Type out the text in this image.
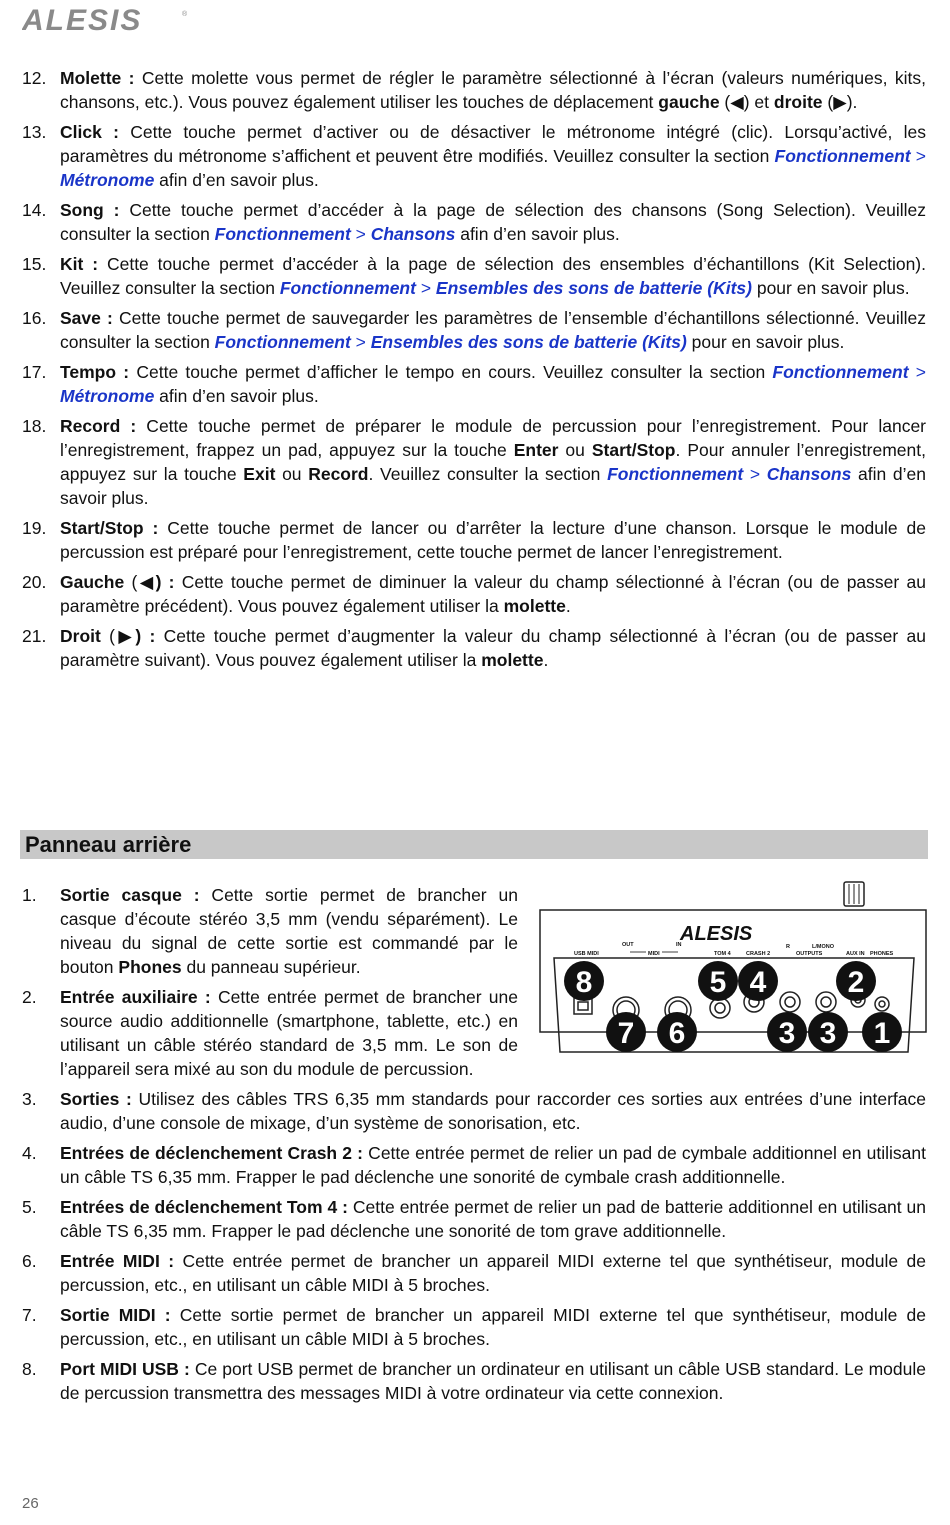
ALESIS	®
12. Molette : Cette molette vous permet de régler le paramètre sélectionné à l’écran (valeurs numériques, kits, chansons, etc.). Vous pouvez également utiliser les touches de déplacement gauche (◀) et droite (▶).
13. Click : Cette touche permet d’activer ou de désactiver le métronome intégré (clic). Lorsqu’activé, les paramètres du métronome s’affichent et peuvent être modifiés. Veuillez consulter la section Fonctionnement > Métronome afin d’en savoir plus.
14. Song : Cette touche permet d’accéder à la page de sélection des chansons (Song Selection). Veuillez consulter la section Fonctionnement > Chansons afin d’en savoir plus.
15. Kit : Cette touche permet d’accéder à la page de sélection des ensembles d’échantillons (Kit Selection). Veuillez consulter la section Fonctionnement > Ensembles des sons de batterie (Kits) pour en savoir plus.
16. Save : Cette touche permet de sauvegarder les paramètres de l’ensemble d’échantillons sélectionné. Veuillez consulter la section Fonctionnement > Ensembles des sons de batterie (Kits) pour en savoir plus.
17. Tempo : Cette touche permet d’afficher le tempo en cours. Veuillez consulter la section Fonctionnement > Métronome afin d’en savoir plus.
18. Record : Cette touche permet de préparer le module de percussion pour l’enregistrement. Pour lancer l’enregistrement, frappez un pad, appuyez sur la touche Enter ou Start/Stop. Pour annuler l’enregistrement, appuyez sur la touche Exit ou Record. Veuillez consulter la section Fonctionnement > Chansons afin d’en savoir plus.
19. Start/Stop : Cette touche permet de lancer ou d’arrêter la lecture d’une chanson. Lorsque le module de percussion est préparé pour l’enregistrement, cette touche permet de lancer l’enregistrement.
20. Gauche (◀) : Cette touche permet de diminuer la valeur du champ sélectionné à l’écran (ou de passer au paramètre précédent). Vous pouvez également utiliser la molette.
21. Droit (▶) : Cette touche permet d’augmenter la valeur du champ sélectionné à l’écran (ou de passer au paramètre suivant). Vous pouvez également utiliser la molette.
Panneau arrière
1. Sortie casque : Cette sortie permet de brancher un casque d’écoute stéréo 3,5 mm (vendu séparément). Le niveau du signal de cette sortie est commandé par le bouton Phones du panneau supérieur.
2. Entrée auxiliaire : Cette entrée permet de brancher une source audio additionnelle (smartphone, tablette, etc.) en utilisant un câble stéréo standard de 3,5 mm. Le son de l’appareil sera mixé au son du module de percussion.
3. Sorties : Utilisez des câbles TRS 6,35 mm standards pour raccorder ces sorties aux entrées d’une interface audio, d’une console de mixage, d’un système de sonorisation, etc.
4. Entrées de déclenchement Crash 2 : Cette entrée permet de relier un pad de cymbale additionnel en utilisant un câble TS 6,35 mm. Frapper le pad déclenche une sonorité de cymbale crash additionnelle.
5. Entrées de déclenchement Tom 4 : Cette entrée permet de relier un pad de batterie additionnel en utilisant un câble TS 6,35 mm. Frapper le pad déclenche une sonorité de tom grave additionnelle.
6. Entrée MIDI : Cette entrée permet de brancher un appareil MIDI externe tel que synthétiseur, module de percussion, etc., en utilisant un câble MIDI à 5 broches.
7. Sortie MIDI : Cette sortie permet de brancher un appareil MIDI externe tel que synthétiseur, module de percussion, etc., en utilisant un câble MIDI à 5 broches.
8. Port MIDI USB : Ce port USB permet de brancher un ordinateur en utilisant un câble USB standard. Le module de percussion transmettra des messages MIDI à votre ordinateur via cette connexion.
ALESIS
USB MIDI
OUT
MIDI
IN
TOM 4	CRASH 2
R	L/MONO
OUTPUTS	AUX IN PHONES
8
7 6
5 4
3 3
2
1
26
